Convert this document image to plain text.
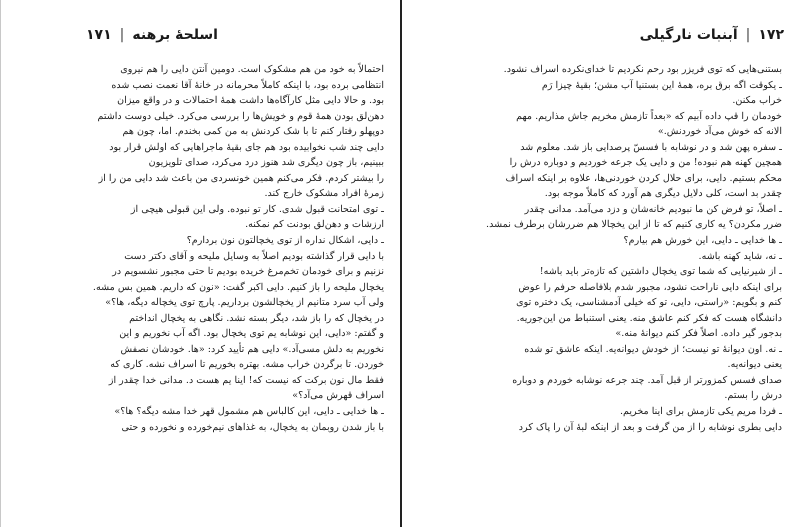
۱۷۱ | اسلحهٔ برهنه

احتمالاً به خود من هم مشکوک است. دومین آنتن دایی را هم نیروی

انتظامی برده بود، با اینکه کاملاً محرمانه در خانهٔ آقا نعمت نصب شده

بود. و حالا دایی مثل کارآگاه‌ها داشت همهٔ احتمالات و در واقع میزان

دهن‌لق بودن همهٔ قوم و خویش‌ها را بررسی می‌کرد. خیلی دوست داشتم

دوپهلو رفتار کنم تا با شک کردنش به من کمی بخندم. اما، چون هم

دایی چند شب نخوابیده بود هم جای بقیهٔ ماجراهایی که اولش قرار بود

ببینیم، باز چون دیگری شد هنوز درد می‌کرد، صدای تلویزیون

را بیشتر کردم. فکر می‌کنم همین خونسردی من باعث شد دایی من را از

زمرهٔ افراد مشکوک خارج کند.

ـ توی امتحانت قبول شدی. کار تو نبوده. ولی این قبولی هیچی از

ارزشات و دهن‌لق بودنت کم نمکنه.

ـ دایی، اشکال نداره از توی یخچالتون نون بردارم؟

با دایی قرار گذاشته بودیم اصلاً به وسایل ملیحه و آقای دکتر دست

نزنیم و برای خودمان تخم‌مرغ خریده بودیم تا حتی مجبور نشسویم در

یخچال ملیحه را باز کنیم. دایی اکبر گفت: «نون که داریم. همین بس مشه.

ولی آب سرد متانیم از یخچالشون برداریم. پارچ توی یخچاله دیگه، ها؟»

در یخچال که را باز شد، دیگر بسته نشد. نگاهی به یخچال انداختم

و گفتم: «دایی، این نوشابه یم توی یخچال بود. اگه آب نخوریم و این

نخوریم به دلش مسی‌آد.» دایی هم تأیید کرد: «ها. خودشان نصفش

خوردن. تا برگردن خراب مشه. بهتره بخوریم تا اسراف نشه. کاری که

فقط مال نون برکت که نیست که! اینا یم هست د. مدانی خدا چقدر از

اسراف قهرش می‌آد؟»

ـ ها خدایی ـ دایی، این کالباس هم مشمول قهر خدا مشه دیگه؟ ها؟»

با باز شدن روبمان به یخچال، به غذاهای نیم‌خورده و نخورده و حتی

۱۷۲
|
آبنبات نارگیلی

بستنی‌هایی که توی فریزر بود رحم نکردیم تا خدای‌نکرده اسراف نشود.

ـ یکوقت اگه برق بره، همهٔ این بستنیا آب مشن؛ بقیهٔ چیزا رَم

خراب مکنن.

خودمان را قپ داده آبیم که «بعداً تازمش مخریم جاش مذاریم. مهم

الانه که خوش می‌آد خوردنش.»

ـ سفره پهن شد و در نوشابه با فسسّ پرصدایی باز شد. معلوم شد

همچین کهنه هم نبوده! من و دایی یک جرعه خوردیم و دوباره درش را

محکم بستیم. دایی، برای حلال کردن خوردنی‌ها، علاوه بر اینکه اسراف

چقدر بد است، کلی دلایل دیگری هم آورد که کاملاً موجه بود.

ـ اصلاً، تو فرض کن ما نبودیم خانه‌شان و دزد می‌آمد. مدانی چقدر

ضرر مکردن؟ یه کاری کنیم که تا از این یخچالا هم ضررشان برطرف نمشد.

ـ ها خدایی ـ دایی، این خورش هم بیارم؟

ـ نه، شاید کهنه باشه.

ـ از شیرنیایی که شما توی یخچال داشتین که تازه‌تر باید باشه!

برای اینکه دایی ناراحت نشود، مجبور شدم بلافاصله حرفم را عوض

کنم و بگویم: «راستی، دایی، تو که خیلی آدمشناسی، یک دختره توی

دانشگاه هست که فکر کنم عاشق منه. یعنی استنباط من این‌جوریه.

بدجور گیر داده. اصلاً فکر کنم دیوانهٔ منه.»

ـ نه. اون دیوانهٔ تو نیست؛ از خودش دیوانه‌یه. اینکه عاشق تو شده

یعنی دیوانه‌یه.

صدای فسس کمزورتر از قبل آمد. چند جرعه نوشابه خوردم و دوباره

درش را بستم.

ـ فردا مریم یکی تازمش برای اینا مخریم.

دایی بطری نوشابه را از من گرفت و بعد از اینکه لبهٔ آن را پاک کرد
